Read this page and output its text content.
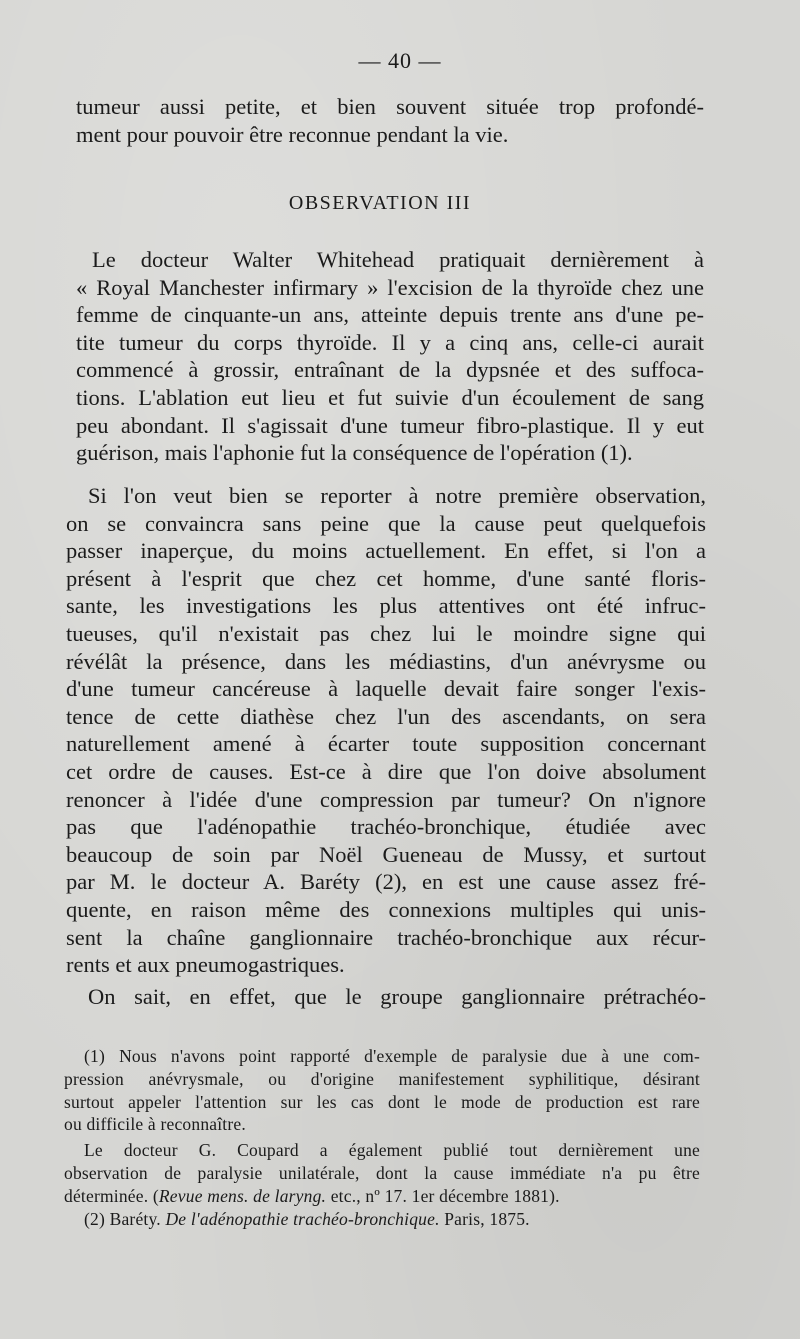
— 40 —
tumeur aussi petite, et bien souvent située trop profondé-
ment pour pouvoir être reconnue pendant la vie.
OBSERVATION III
Le docteur Walter Whitehead pratiquait dernièrement à
« Royal Manchester infirmary » l'excision de la thyroïde chez une
femme de cinquante-un ans, atteinte depuis trente ans d'une pe-
tite tumeur du corps thyroïde. Il y a cinq ans, celle-ci aurait
commencé à grossir, entraînant de la dypsnée et des suffoca-
tions. L'ablation eut lieu et fut suivie d'un écoulement de sang
peu abondant. Il s'agissait d'une tumeur fibro-plastique. Il y eut
guérison, mais l'aphonie fut la conséquence de l'opération (1).
Si l'on veut bien se reporter à notre première observation,
on se convaincra sans peine que la cause peut quelquefois
passer inaperçue, du moins actuellement. En effet, si l'on a
présent à l'esprit que chez cet homme, d'une santé floris-
sante, les investigations les plus attentives ont été infruc-
tueuses, qu'il n'existait pas chez lui le moindre signe qui
révélât la présence, dans les médiastins, d'un anévrysme ou
d'une tumeur cancéreuse à laquelle devait faire songer l'exis-
tence de cette diathèse chez l'un des ascendants, on sera
naturellement amené à écarter toute supposition concernant
cet ordre de causes. Est-ce à dire que l'on doive absolument
renoncer à l'idée d'une compression par tumeur? On n'ignore
pas que l'adénopathie trachéo-bronchique, étudiée avec
beaucoup de soin par Noël Gueneau de Mussy, et surtout
par M. le docteur A. Baréty (2), en est une cause assez fré-
quente, en raison même des connexions multiples qui unis-
sent la chaîne ganglionnaire trachéo-bronchique aux récur-
rents et aux pneumogastriques.
On sait, en effet, que le groupe ganglionnaire prétrachéo-
(1) Nous n'avons point rapporté d'exemple de paralysie due à une com-
pression anévrysmale, ou d'origine manifestement syphilitique, désirant
surtout appeler l'attention sur les cas dont le mode de production est rare
ou difficile à reconnaître.
Le docteur G. Coupard a également publié tout dernièrement une
observation de paralysie unilatérale, dont la cause immédiate n'a pu être
déterminée. (Revue mens. de laryng. etc., nº 17. 1er décembre 1881).
(2) Baréty. De l'adénopathie trachéo-bronchique. Paris, 1875.
